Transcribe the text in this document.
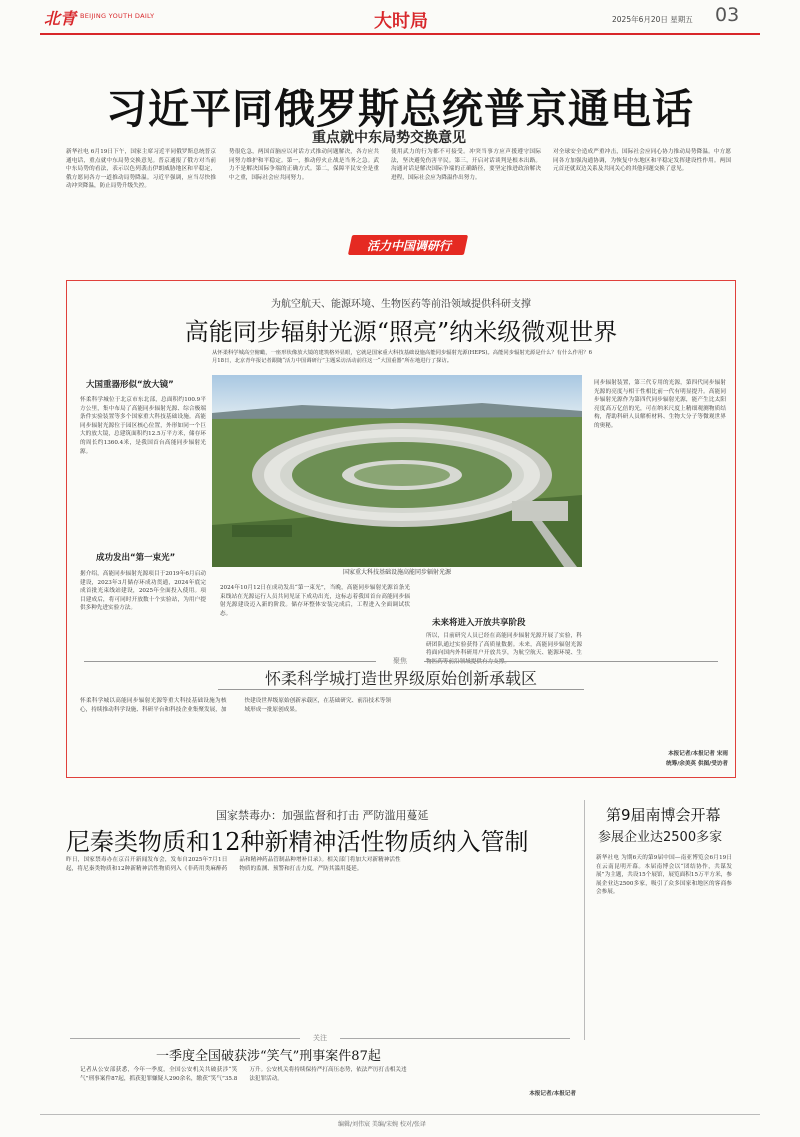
北青 BEIJING YOUTH DAILY	大时局	2025年6月20日 星期五 03
习近平同俄罗斯总统普京通电话
重点就中东局势交换意见
新华社电 6月19日下午，国家主席习近平同俄罗斯总统普京通电话，重点就中东局势交换意见。普京通报了俄方对当前中东局势的看法，表示以色列袭击伊朗威胁地区和平稳定，俄方愿同各方一道推动局势降温。习近平强调，应当尽快推动冲突降温，防止局势升级失控。
势很危急，两国首脑应以对话方式推动问题解决，各方应共同努力维护和平稳定。第一，推动停火止战是当务之急。武力不是解决国际争端的正确方式。第二，保障平民安全是重中之重，国际社会应共同努力。
使用武力的行为都不可接受。冲突当事方应声援遵守国际法，坚决避免伤害平民。第三，开启对话谈判是根本出路。沟通对话是解决国际争端的正确路径，要坚定推进政治解决进程，国际社会应为降温作出努力。
对全球安全造成严重冲击，国际社会应同心协力推动局势降温。中方愿同各方加强沟通协调，为恢复中东地区和平稳定发挥建设性作用。两国元首还就双边关系及共同关心的其他问题交换了意见。
活力中国调研行
为航空航天、能源环境、生物医药等前沿领域提供科研支撑
高能同步辐射光源“照亮”纳米级微观世界
从怀柔科学城高空俯瞰，一座形状像放大镜的建筑格外显眼，它就是国家重大科技基础设施高能同步辐射光源(HEPS)。高能同步辐射光源是什么？有什么作用？6月18日，北京青年报记者跟随“活力中国调研行”主题采访活动前往这一“大国重器”所在地进行了探访。
大国重器形似“放大镜”
怀柔科学城位于北京市东北部，总面积约100.9平方公里，集中布局了高能同步辐射光源、综合极端条件实验装置等多个国家重大科技基础设施。高能同步辐射光源位于园区核心位置，外形如同一个巨大的放大镜，总建筑面积约12.5万平方米，储存环的周长约1360.4米，是我国首台高能同步辐射光源。
成功发出“第一束光”
据介绍，高能同步辐射光源项目于2019年6月启动建设，2023年3月储存环成功贯通，2024年底完成首批光束线站建设，2025年全面投入使用。项目建成后，将可同时开放数十个实验站，为用户提供多种先进实验方法。
国家重大科技基础设施高能同步辐射光源
2024年10月12日在成功发出“第一束光”，当晚，高能同步辐射光源首条光束线站在光源运行人员共同见证下成功出光，这标志着我国首台高能同步辐射光源建设迈入新的阶段。储存环整体安装完成后，工程进入全面调试状态。
未来将进入开放共享阶段
所以，目前研究人员已经在高能同步辐射光源开展了实验，科研团队通过实验获得了高质量数据。未来，高能同步辐射光源将面向国内外科研用户开放共享，为航空航天、能源环境、生
同步辐射装置，第三代专用的光源，第四代同步辐射光源的亮度与相干性相比前一代有明显提升。高能同步辐射光源作为第四代同步辐射光源，能产生比太阳亮度高万亿倍的光，可在纳米尺度上精细观测物质结构，帮助科研人员解析材料、生物大分子等微观世界的奥秘。
聚焦
怀柔科学城打造世界级原始创新承载区
怀柔科学城以高能同步辐射光源等重大科技基础设施为核心，持续推动科学设施、科研平台和科技企业集聚发展，加快建设世界级原始创新承载区，在基础研究、前沿技术等领域形成一批原创成果。
本报记者/本报记者 宋雨
统筹/余美英 供图/受访者
国家禁毒办：加强监督和打击 严防滥用蔓延
尼秦类物质和12种新精神活性物质纳入管制
昨日，国家禁毒办在京召开新闻发布会，发布自2025年7月1日起，将尼秦类物质和12种新精神活性物质列入《非药用类麻醉药品和精神药品管制品种增补目录》。相关部门将加大对新精神活性物质的监测、预警和打击力度，严防其滥用蔓延。
第9届南博会开幕
参展企业达2500多家
新华社电 为期6天的第9届中国—南亚博览会6月19日在云南昆明开幕。本届南博会以“团结协作，共谋发展”为主题，共设15个展馆，展览面积15万平方米，参展企业达2500多家，吸引了众多国家和地区的客商参会参展。
关注
一季度全国破获涉“笑气”刑事案件87起
记者从公安部获悉，今年一季度，全国公安机关共破获涉“笑气”刑事案件87起，抓获犯罪嫌疑人290余名，缴获“笑气”35.8万升。公安机关将持续保持严打高压态势，依法严厉打击相关违法犯罪活动。
本报记者/本报记者
编辑/刘伟宸 美编/宋婉 校对/张译
